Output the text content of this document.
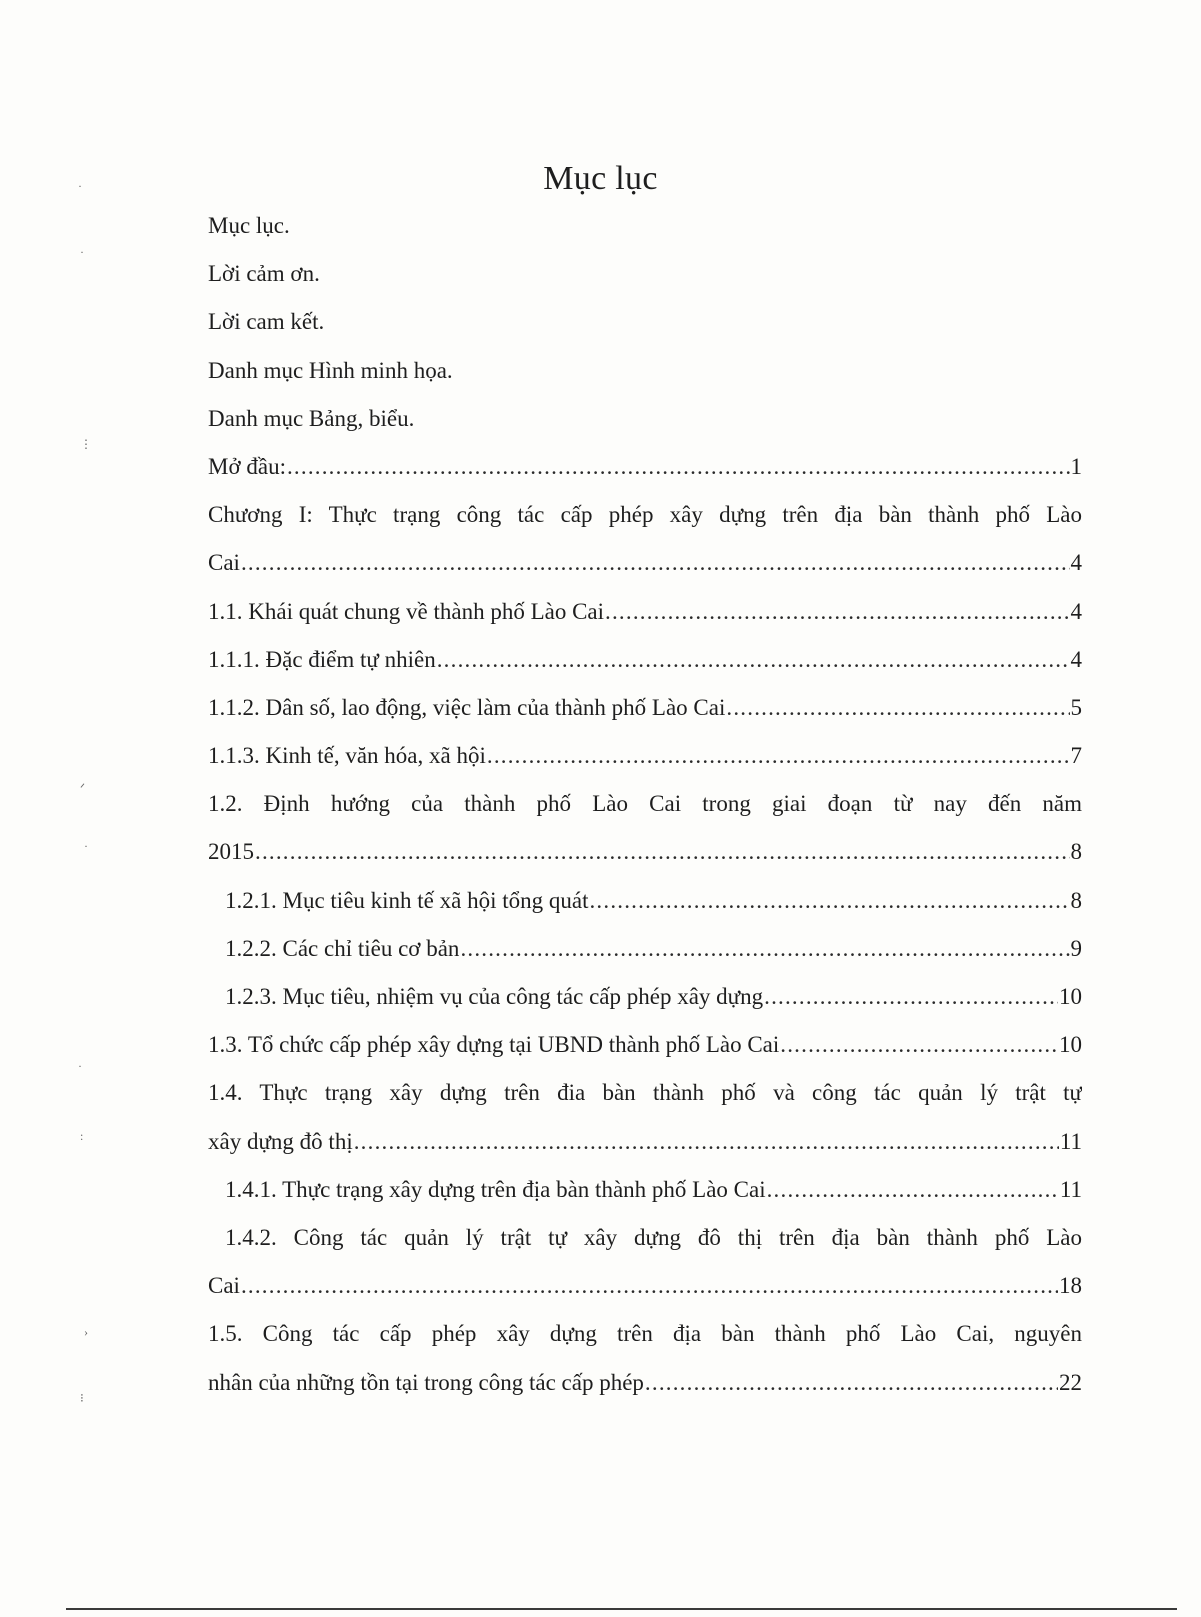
·
·
⋮
ᐟ
·
·
:
›
⁝
Mục lục
Mục lục.
Lời cảm ơn.
Lời cam kết.
Danh mục Hình minh họa.
Danh mục Bảng, biểu.
Mở đầu: .....	1
Chương I: Thực trạng công tác cấp phép xây dựng trên địa bàn thành phố Lào
Cai .....	4
1.1. Khái quát chung về thành phố Lào Cai .....	4
1.1.1. Đặc điểm tự nhiên .....	4
1.1.2. Dân số, lao động, việc làm của thành phố Lào Cai .....	5
1.1.3. Kinh tế, văn hóa, xã hội .....	7
1.2. Định hướng của thành phố Lào Cai trong giai đoạn từ nay đến năm
2015 .....	8
1.2.1. Mục tiêu kinh tế xã hội tổng quát .....	8
1.2.2. Các chỉ tiêu cơ bản .....	9
1.2.3. Mục tiêu, nhiệm vụ của công tác cấp phép xây dựng .....	10
1.3. Tổ chức cấp phép xây dựng tại UBND thành phố Lào Cai .....	10
1.4. Thực trạng xây dựng trên đia bàn thành phố và công tác quản lý trật tự
xây dựng đô thị .....	11
1.4.1. Thực trạng xây dựng trên địa bàn thành phố Lào Cai .....	11
1.4.2. Công tác quản lý trật tự xây dựng đô thị trên địa bàn thành phố Lào
Cai .....	18
1.5. Công tác cấp phép xây dựng trên địa bàn thành phố Lào Cai, nguyên
nhân của những tồn tại trong công tác cấp phép .....	22
